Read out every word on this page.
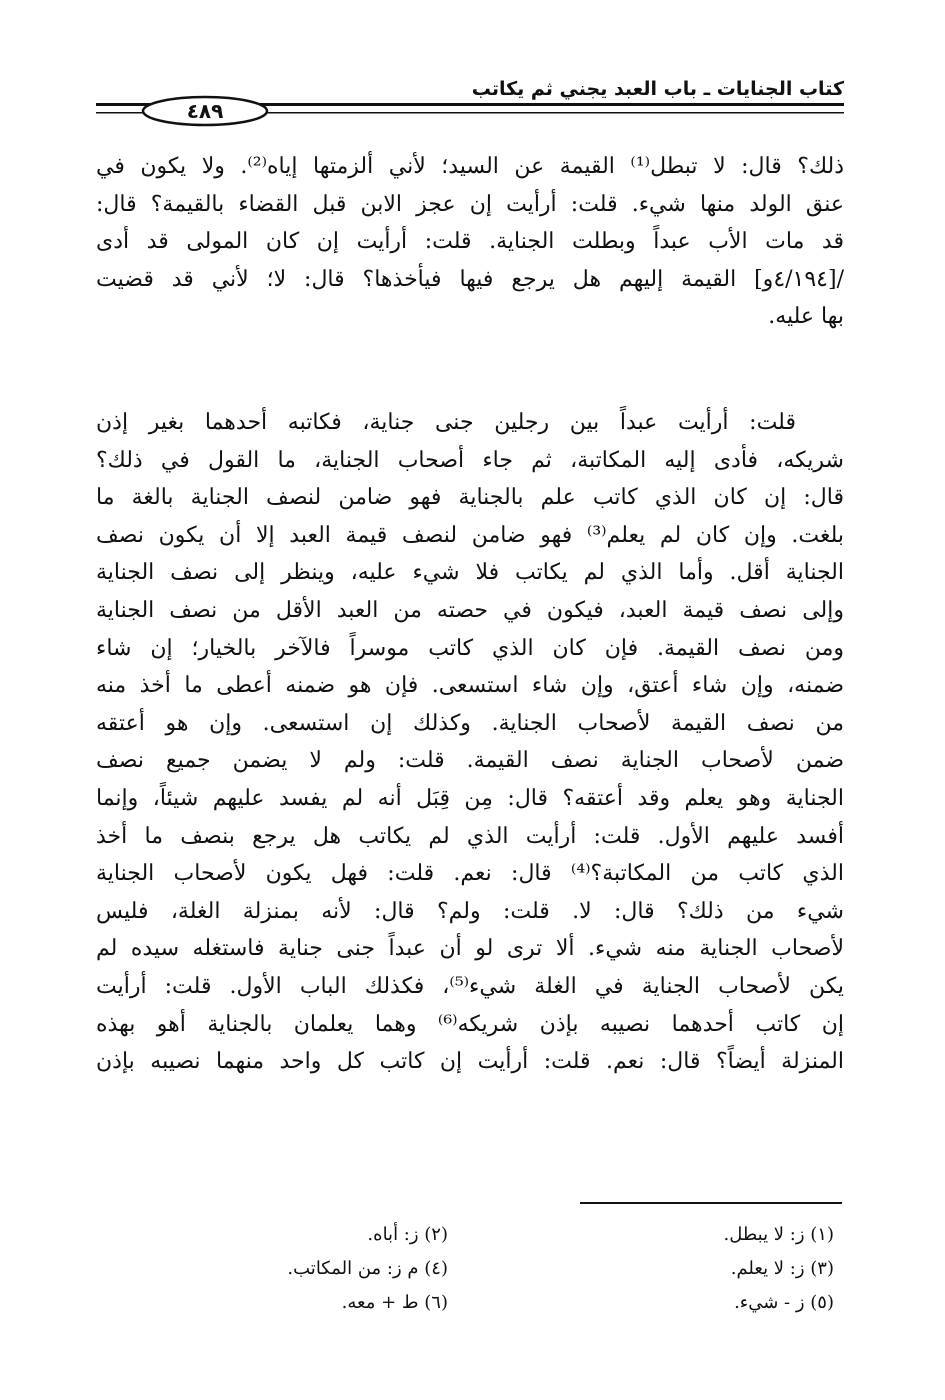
كتاب الجنايات ـ باب العبد يجني ثم يكاتب
٤٨٩
ذلك؟ قال: لا تبطل⁽¹⁾ القيمة عن السيد؛ لأني ألزمتها إياه⁽²⁾. ولا يكون في
عنق الولد منها شيء. قلت: أرأيت إن عجز الابن قبل القضاء بالقيمة؟ قال:
قد مات الأب عبداً وبطلت الجناية. قلت: أرأيت إن كان المولى قد أدى
/[٤/١٩٤و] القيمة إليهم هل يرجع فيها فيأخذها؟ قال: لا؛ لأني قد قضيت
بها عليه.
قلت: أرأيت عبداً بين رجلين جنى جناية، فكاتبه أحدهما بغير إذن
شريكه، فأدى إليه المكاتبة، ثم جاء أصحاب الجناية، ما القول في ذلك؟
قال: إن كان الذي كاتب علم بالجناية فهو ضامن لنصف الجناية بالغة ما
بلغت. وإن كان لم يعلم⁽³⁾ فهو ضامن لنصف قيمة العبد إلا أن يكون نصف
الجناية أقل. وأما الذي لم يكاتب فلا شيء عليه، وينظر إلى نصف الجناية
وإلى نصف قيمة العبد، فيكون في حصته من العبد الأقل من نصف الجناية
ومن نصف القيمة. فإن كان الذي كاتب موسراً فالآخر بالخيار؛ إن شاء
ضمنه، وإن شاء أعتق، وإن شاء استسعى. فإن هو ضمنه أعطى ما أخذ منه
من نصف القيمة لأصحاب الجناية. وكذلك إن استسعى. وإن هو أعتقه
ضمن لأصحاب الجناية نصف القيمة. قلت: ولم لا يضمن جميع نصف
الجناية وهو يعلم وقد أعتقه؟ قال: مِن قِبَل أنه لم يفسد عليهم شيئاً، وإنما
أفسد عليهم الأول. قلت: أرأيت الذي لم يكاتب هل يرجع بنصف ما أخذ
الذي كاتب من المكاتبة؟⁽⁴⁾ قال: نعم. قلت: فهل يكون لأصحاب الجناية
شيء من ذلك؟ قال: لا. قلت: ولم؟ قال: لأنه بمنزلة الغلة، فليس
لأصحاب الجناية منه شيء. ألا ترى لو أن عبداً جنى جناية فاستغله سيده لم
يكن لأصحاب الجناية في الغلة شيء⁽⁵⁾، فكذلك الباب الأول. قلت: أرأيت
إن كاتب أحدهما نصيبه بإذن شريكه⁽⁶⁾ وهما يعلمان بالجناية أهو بهذه
المنزلة أيضاً؟ قال: نعم. قلت: أرأيت إن كاتب كل واحد منهما نصيبه بإذن
(١) ز: لا يبطل.
(٣) ز: لا يعلم.
(٥) ز - شيء.
(٢) ز: أباه.
(٤) م ز: من المكاتب.
(٦) ط + معه.
